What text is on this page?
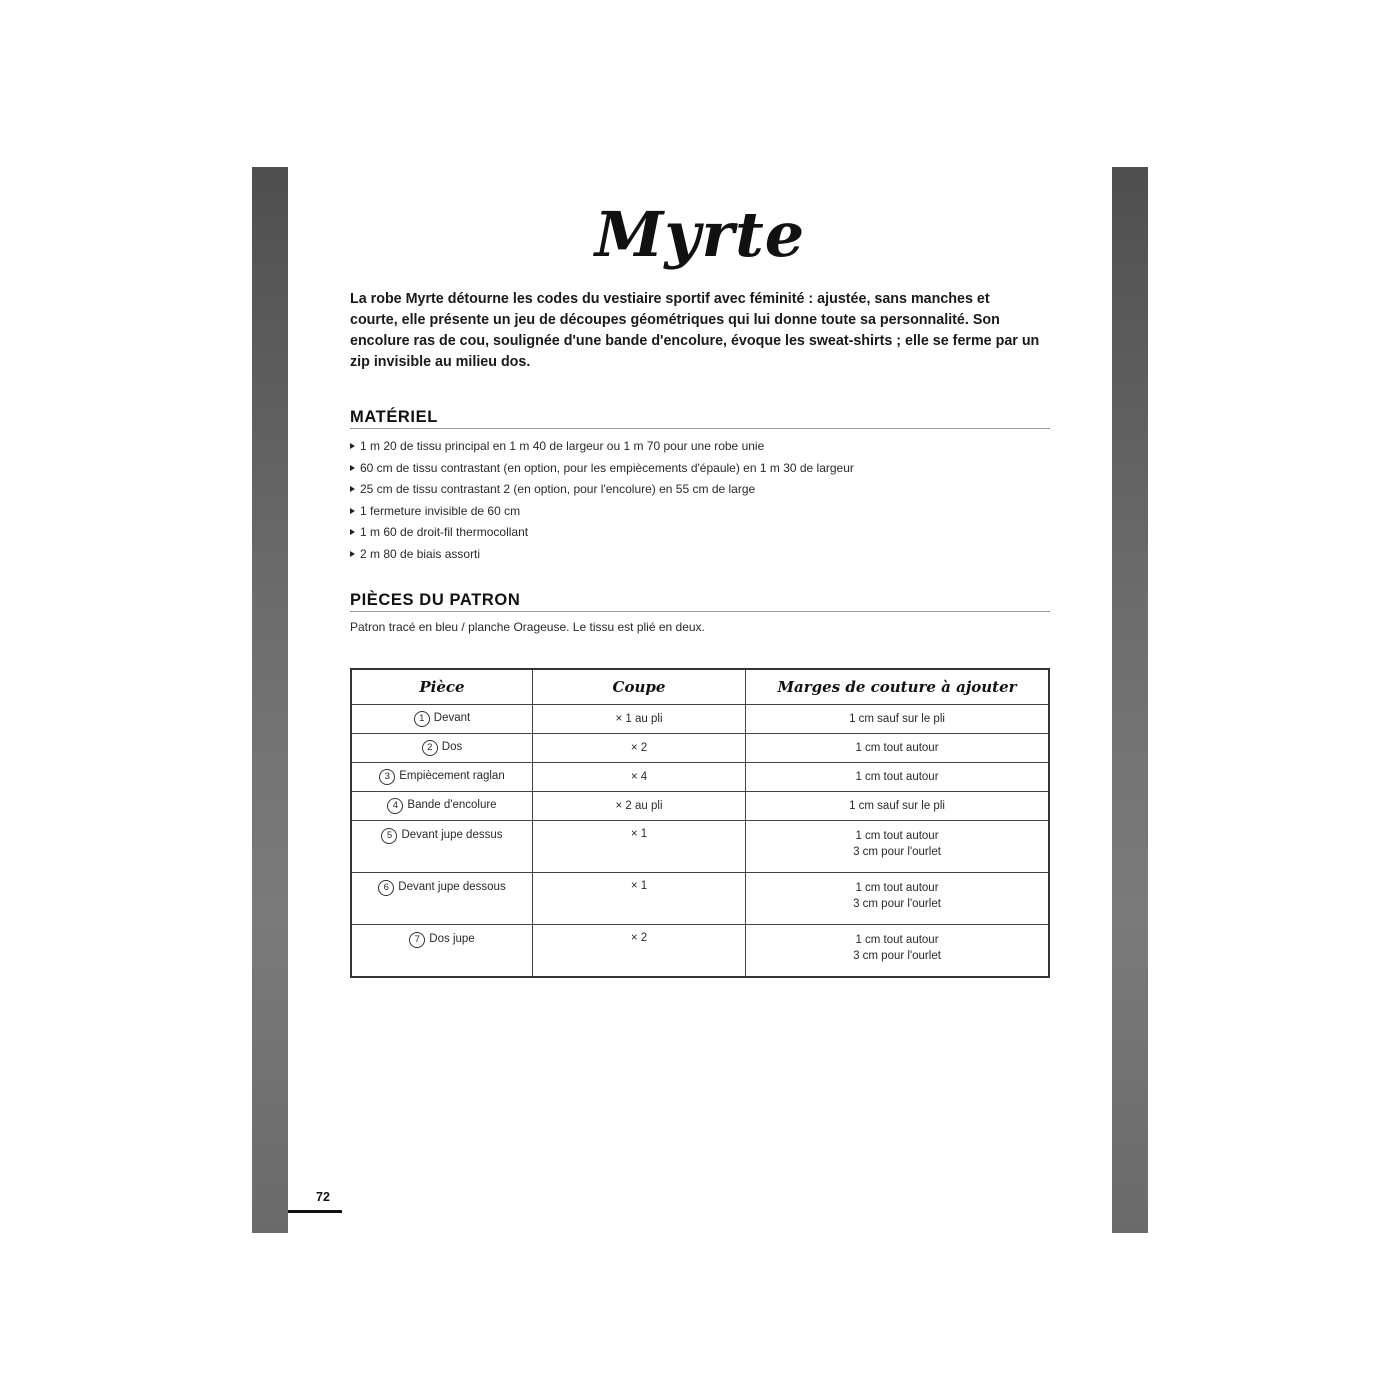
Myrte

La robe Myrte détourne les codes du vestiaire sportif avec féminité : ajustée, sans manches et courte, elle présente un jeu de découpes géométriques qui lui donne toute sa personnalité. Son encolure ras de cou, soulignée d'une bande d'encolure, évoque les sweat-shirts ; elle se ferme par un zip invisible au milieu dos.

MATÉRIEL
1 m 20 de tissu principal en 1 m 40 de largeur ou 1 m 70 pour une robe unie
60 cm de tissu contrastant (en option, pour les empiècements d'épaule) en 1 m 30 de largeur
25 cm de tissu contrastant 2 (en option, pour l'encolure) en 55 cm de large
1 fermeture invisible de 60 cm
1 m 60 de droit-fil thermocollant
2 m 80 de biais assorti
PIÈCES DU PATRON
Patron tracé en bleu / planche Orageuse. Le tissu est plié en deux.
Pièce	Coupe	Marges de couture à ajouter
1 Devant	× 1 au pli	1 cm sauf sur le pli

2 Dos	× 2	1 cm tout autour

3 Empiècement raglan	× 4	1 cm tout autour

4 Bande d'encolure	× 2 au pli	1 cm sauf sur le pli

5 Devant jupe dessus	× 1	1 cm tout autour
3 cm pour l'ourlet

6 Devant jupe dessous	× 1	1 cm tout autour
3 cm pour l'ourlet

7 Dos jupe	× 2	1 cm tout autour
3 cm pour l'ourlet
72
